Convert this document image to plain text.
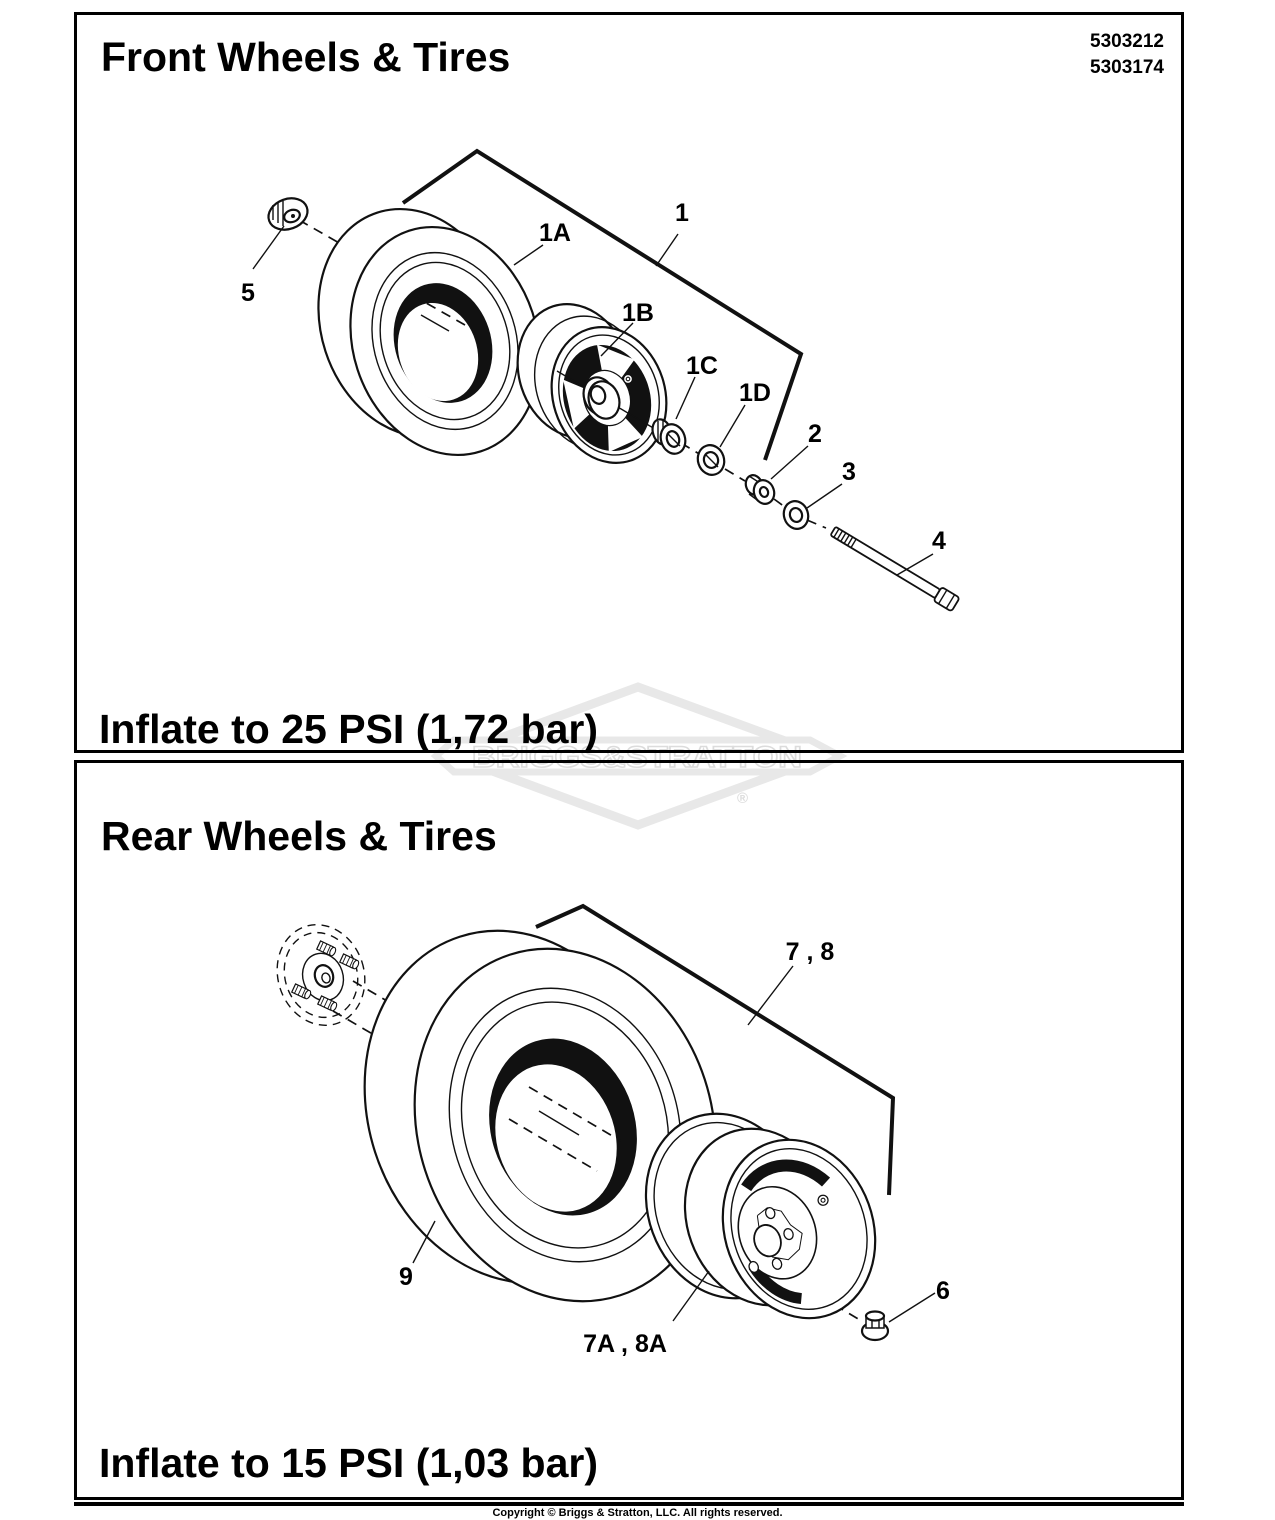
BRIGGS&STRATTON
®
5
1A
1
1B
1C
1D
2
3
4
Front Wheels & Tires	5303212
5303174
Inflate to 25 PSI (1,72 bar)
7 , 8
9
7A , 8A
6
Rear Wheels & Tires
Inflate to 15 PSI (1,03 bar)
Copyright © Briggs & Stratton, LLC. All rights reserved.
